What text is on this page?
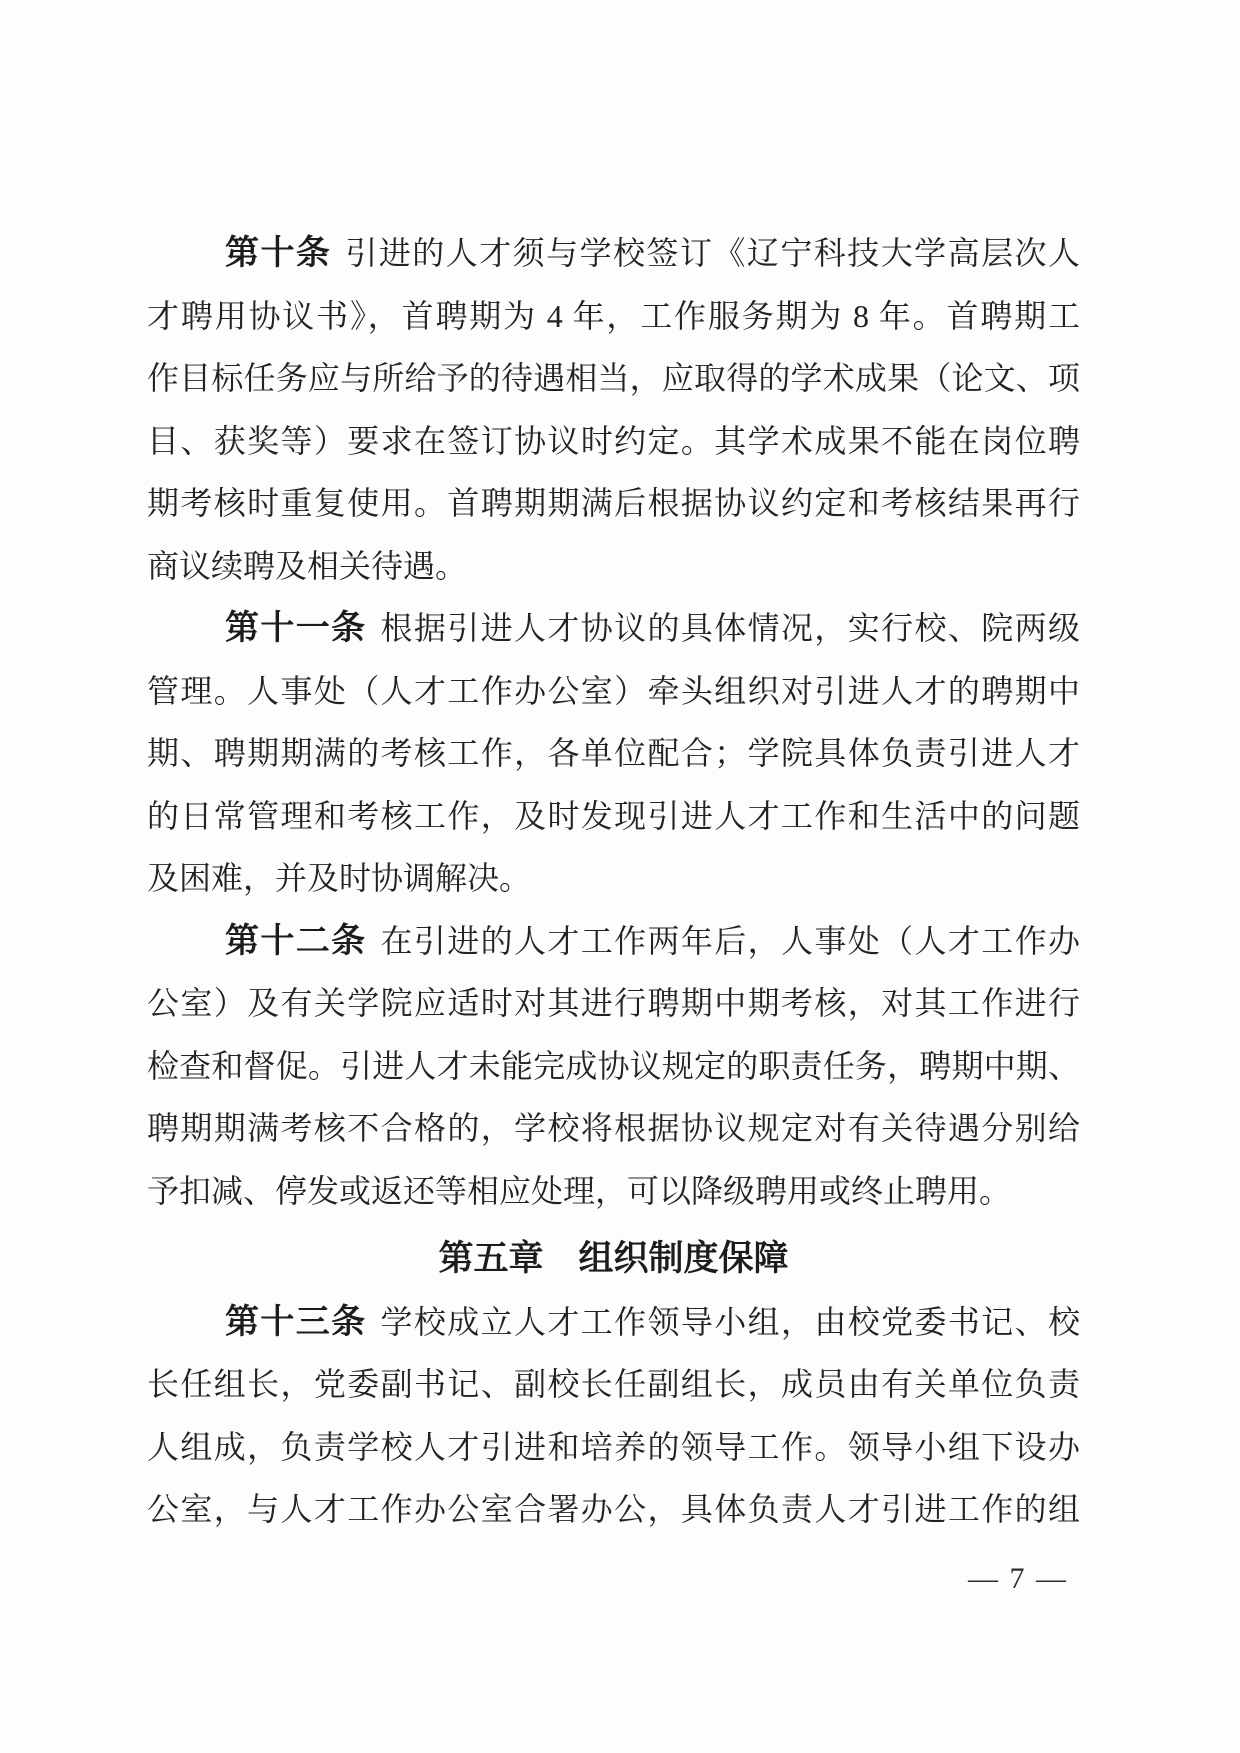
第十条 引进的人才须与学校签订《辽宁科技大学高层次人
才聘用协议书》，首聘期为 4 年，工作服务期为 8 年。首聘期工
作目标任务应与所给予的待遇相当，应取得的学术成果（论文、项
目、获奖等）要求在签订协议时约定。其学术成果不能在岗位聘
期考核时重复使用。首聘期期满后根据协议约定和考核结果再行
商议续聘及相关待遇。
第十一条 根据引进人才协议的具体情况，实行校、院两级
管理。人事处（人才工作办公室）牵头组织对引进人才的聘期中
期、聘期期满的考核工作，各单位配合；学院具体负责引进人才
的日常管理和考核工作，及时发现引进人才工作和生活中的问题
及困难，并及时协调解决。
第十二条 在引进的人才工作两年后，人事处（人才工作办
公室）及有关学院应适时对其进行聘期中期考核，对其工作进行
检查和督促。引进人才未能完成协议规定的职责任务，聘期中期、
聘期期满考核不合格的，学校将根据协议规定对有关待遇分别给
予扣减、停发或返还等相应处理，可以降级聘用或终止聘用。
第五章　组织制度保障
第十三条 学校成立人才工作领导小组，由校党委书记、校
长任组长，党委副书记、副校长任副组长，成员由有关单位负责
人组成，负责学校人才引进和培养的领导工作。领导小组下设办
公室，与人才工作办公室合署办公，具体负责人才引进工作的组
— 7 —
